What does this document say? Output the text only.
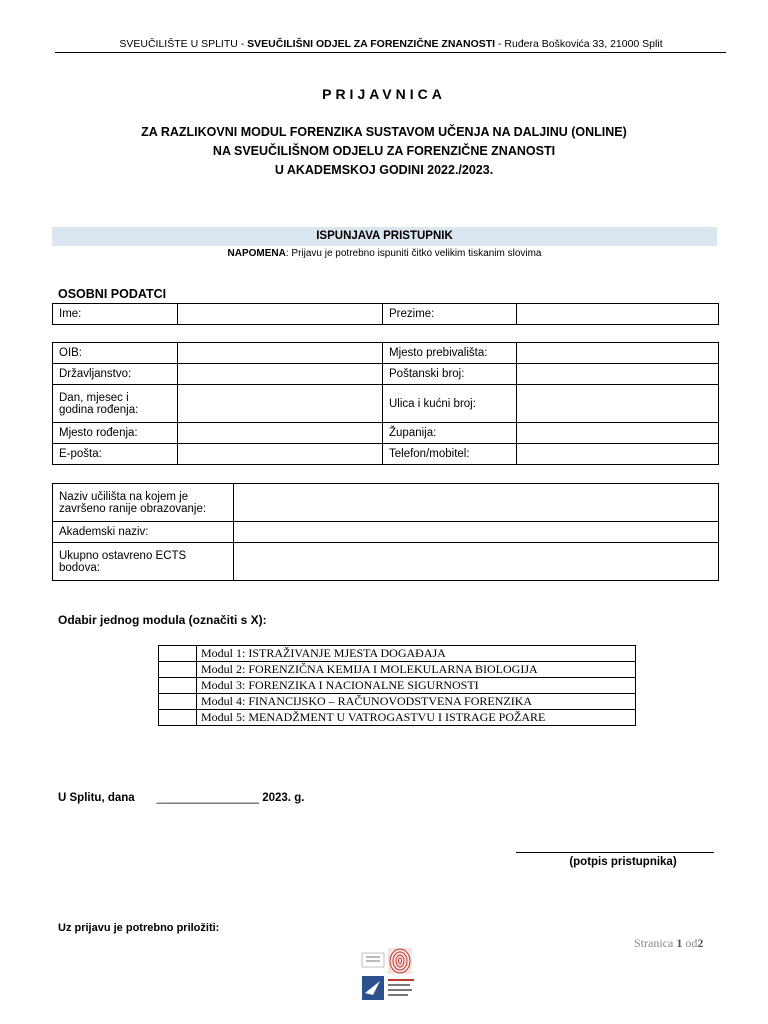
SVEUČILIŠTE U SPLITU - SVEUČILIŠNI ODJEL ZA FORENZIČNE ZNANOSTI - Ruđera Boškovića 33, 21000 Split
PRIJAVNICA
ZA RAZLIKOVNI MODUL FORENZIKA SUSTAVOM UČENJA NA DALJINU (ONLINE)
NA SVEUČILIŠNOM ODJELU ZA FORENZIČNE ZNANOSTI
U AKADEMSKOJ GODINI 2022./2023.
ISPUNJAVA PRISTUPNIK
NAPOMENA: Prijavu je potrebno ispuniti čitko velikim tiskanim slovima
OSOBNI PODATCI
Ime:		Prezime:	
OIB:		Mjesto prebivališta:	
Državljanstvo:		Poštanski broj:	
Dan, mjesec i godina rođenja:		Ulica i kućni broj:	
Mjesto rođenja:		Županija:	
E-pošta:		Telefon/mobitel:	
Naziv učilišta na kojem je završeno ranije obrazovanje:	
Akademski naziv:	
Ukupno ostavreno ECTS bodova:	
Odabir jednog modula (označiti s X):
	Modul 1: ISTRAŽIVANJE MJESTA DOGAĐAJA
	Modul 2: FORENZIČNA KEMIJA I MOLEKULARNA BIOLOGIJA
	Modul 3: FORENZIKA I NACIONALNE SIGURNOSTI
	Modul 4: FINANCIJSKO – RAČUNOVODSTVENA FORENZIKA
	Modul 5: MENADŽMENT U VATROGASTVU I ISTRAGE POŽARE
U Splitu, dana ________________ 2023. g.
(potpis pristupnika)
Uz prijavu je potrebno priložiti:
Stranica 1 od2
